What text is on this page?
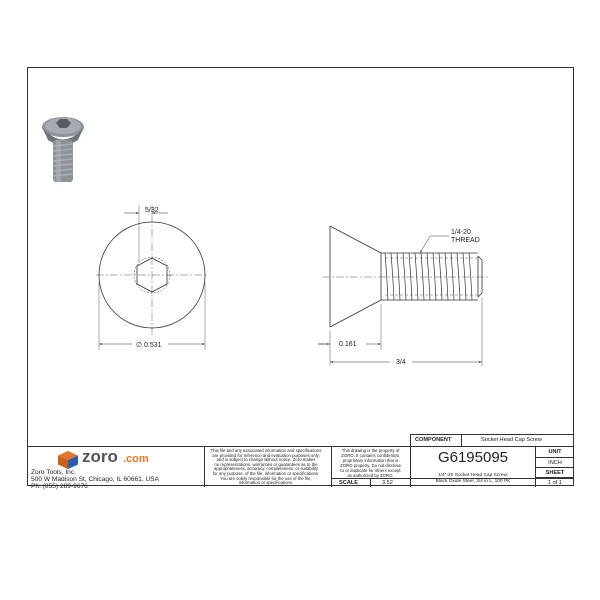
5/32
∅ 0.531
1/4-20
THREAD
0.161
3/4
zoro .com
Zoro Tools, Inc.
500 W Madison St, Chicago, IL 60661, USA
Ph: (855) 289-9676
This file and any associated information and specifications
are provided for reference and evaluation purposes only,
and is subject to change without notice. Zoro makes
no representations, warranties or guarantees as to the
appropriateness, accuracy, completeness, or suitability
for any purpose, of the file, information or specifications.
You are solely responsible for the use of the file,
information or specifications.
This drawing is the property of
ZORO. It contains confidential,
proprietary information that is
ZORO property. Do not disclose
to or duplicate for others except
as authorized by ZORO.
SCALE	3.52
G6195095
1/4"-20 Socket Head Cap Screw,
Black Oxide Steel, 3/4 in L, 100 PK
UNIT
INCH
SHEET
1 of 1
COMPONENT	Socket Head Cap Screw
